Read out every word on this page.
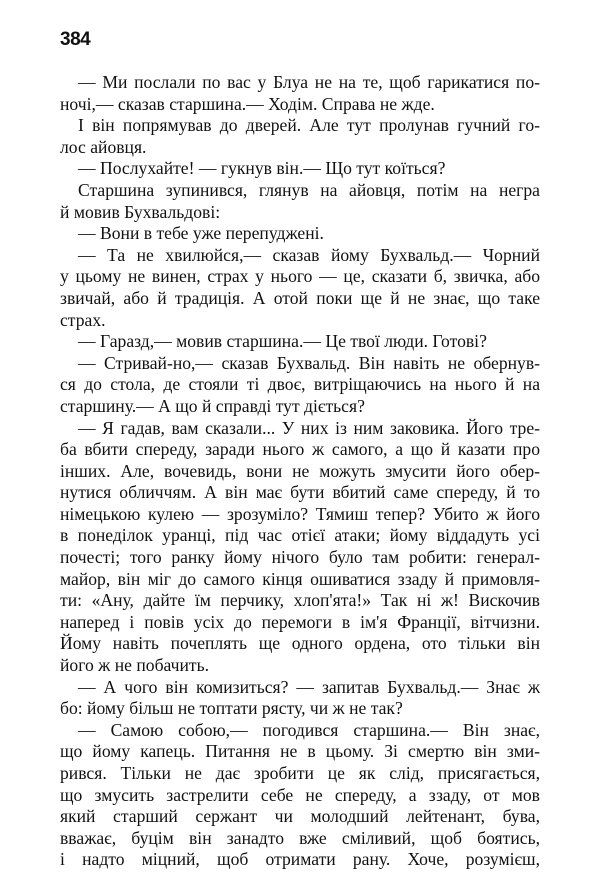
384
— Ми послали по вас у Блуа не на те, щоб гарикатися по-
ночі,— сказав старшина.— Ходім. Справа не жде.
І він попрямував до дверей. Але тут пролунав гучний го-
лос айовця.
— Послухайте! — гукнув він.— Що тут коїться?
Старшина зупинився, глянув на айовця, потім на негра
й мовив Бухвальдові:
— Вони в тебе уже перепуджені.
— Та не хвилюйся,— сказав йому Бухвальд.— Чорний
у цьому не винен, страх у нього — це, сказати б, звичка, або
звичай, або й традиція. А отой поки ще й не знає, що таке
страх.
— Гаразд,— мовив старшина.— Це твої люди. Готові?
— Стривай-но,— сказав Бухвальд. Він навіть не обернув-
ся до стола, де стояли ті двоє, витріщаючись на нього й на
старшину.— А що й справді тут діється?
— Я гадав, вам сказали... У них із ним заковика. Його тре-
ба вбити спереду, заради нього ж самого, а що й казати про
інших. Але, вочевидь, вони не можуть змусити його обер-
нутися обличчям. А він має бути вбитий саме спереду, й то
німецькою кулею — зрозуміло? Тямиш тепер? Убито ж його
в понеділок уранці, під час отієї атаки; йому віддадуть усі
почесті; того ранку йому нічого було там робити: генерал-
майор, він міг до самого кінця ошиватися ззаду й примовля-
ти: «Ану, дайте їм перчику, хлоп'ята!» Так ні ж! Вискочив
наперед і повів усіх до перемоги в ім'я Франції, вітчизни.
Йому навіть почеплять ще одного ордена, ото тільки він
його ж не побачить.
— А чого він комизиться? — запитав Бухвальд.— Знає ж
бо: йому більш не топтати рясту, чи ж не так?
— Самою собою,— погодився старшина.— Він знає,
що йому капець. Питання не в цьому. Зі смертю він зми-
рився. Тільки не дає зробити це як слід, присягається,
що змусить застрелити себе не спереду, а ззаду, от мов
який старший сержант чи молодший лейтенант, бува,
вважає, буцім він занадто вже сміливий, щоб боятись,
і надто міцний, щоб отримати рану. Хоче, розумієш,
